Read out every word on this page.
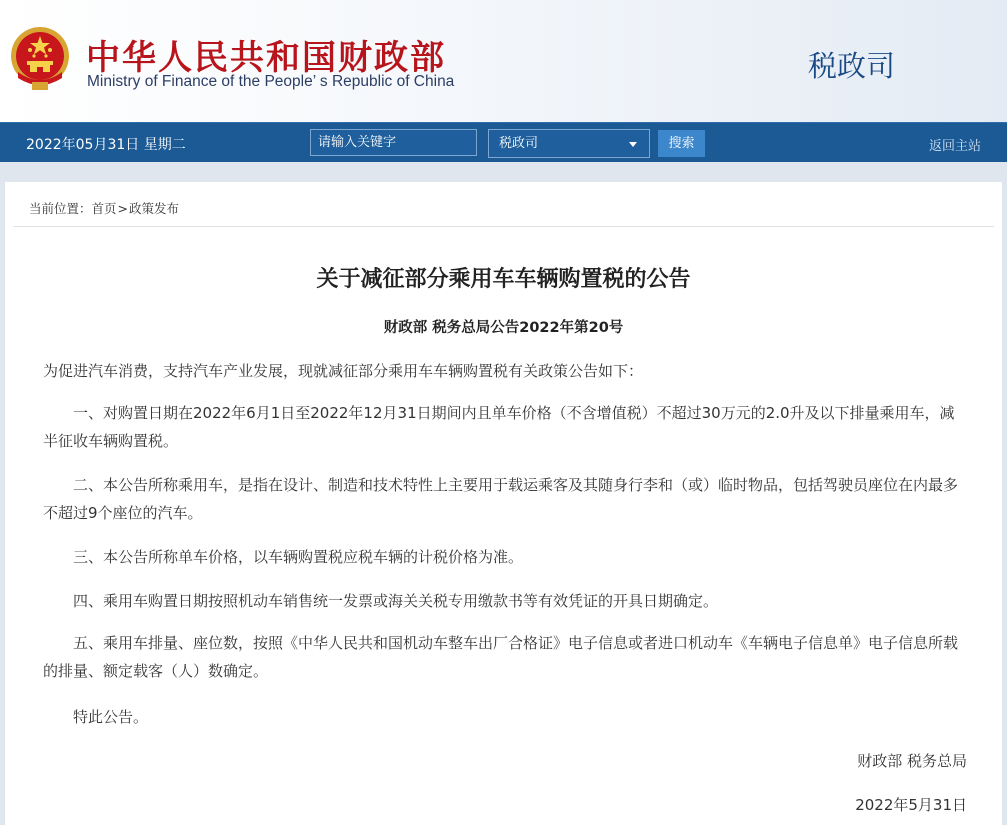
中华人民共和国财政部
Ministry of Finance of the People’ s Republic of China	税政司
2022年05月31日 星期二
请输入关键字	税政司	搜索	返回主站
当前位置：首页>政策发布
关于减征部分乘用车车辆购置税的公告
财政部 税务总局公告2022年第20号
为促进汽车消费，支持汽车产业发展，现就减征部分乘用车车辆购置税有关政策公告如下：
一、对购置日期在2022年6月1日至2022年12月31日期间内且单车价格（不含增值税）不超过30万元的2.0升及以下排量乘用车，减半征收车辆购置税。
二、本公告所称乘用车，是指在设计、制造和技术特性上主要用于载运乘客及其随身行李和（或）临时物品，包括驾驶员座位在内最多不超过9个座位的汽车。
三、本公告所称单车价格，以车辆购置税应税车辆的计税价格为准。
四、乘用车购置日期按照机动车销售统一发票或海关关税专用缴款书等有效凭证的开具日期确定。
五、乘用车排量、座位数，按照《中华人民共和国机动车整车出厂合格证》电子信息或者进口机动车《车辆电子信息单》电子信息所载的排量、额定载客（人）数确定。
特此公告。
财政部 税务总局
2022年5月31日
